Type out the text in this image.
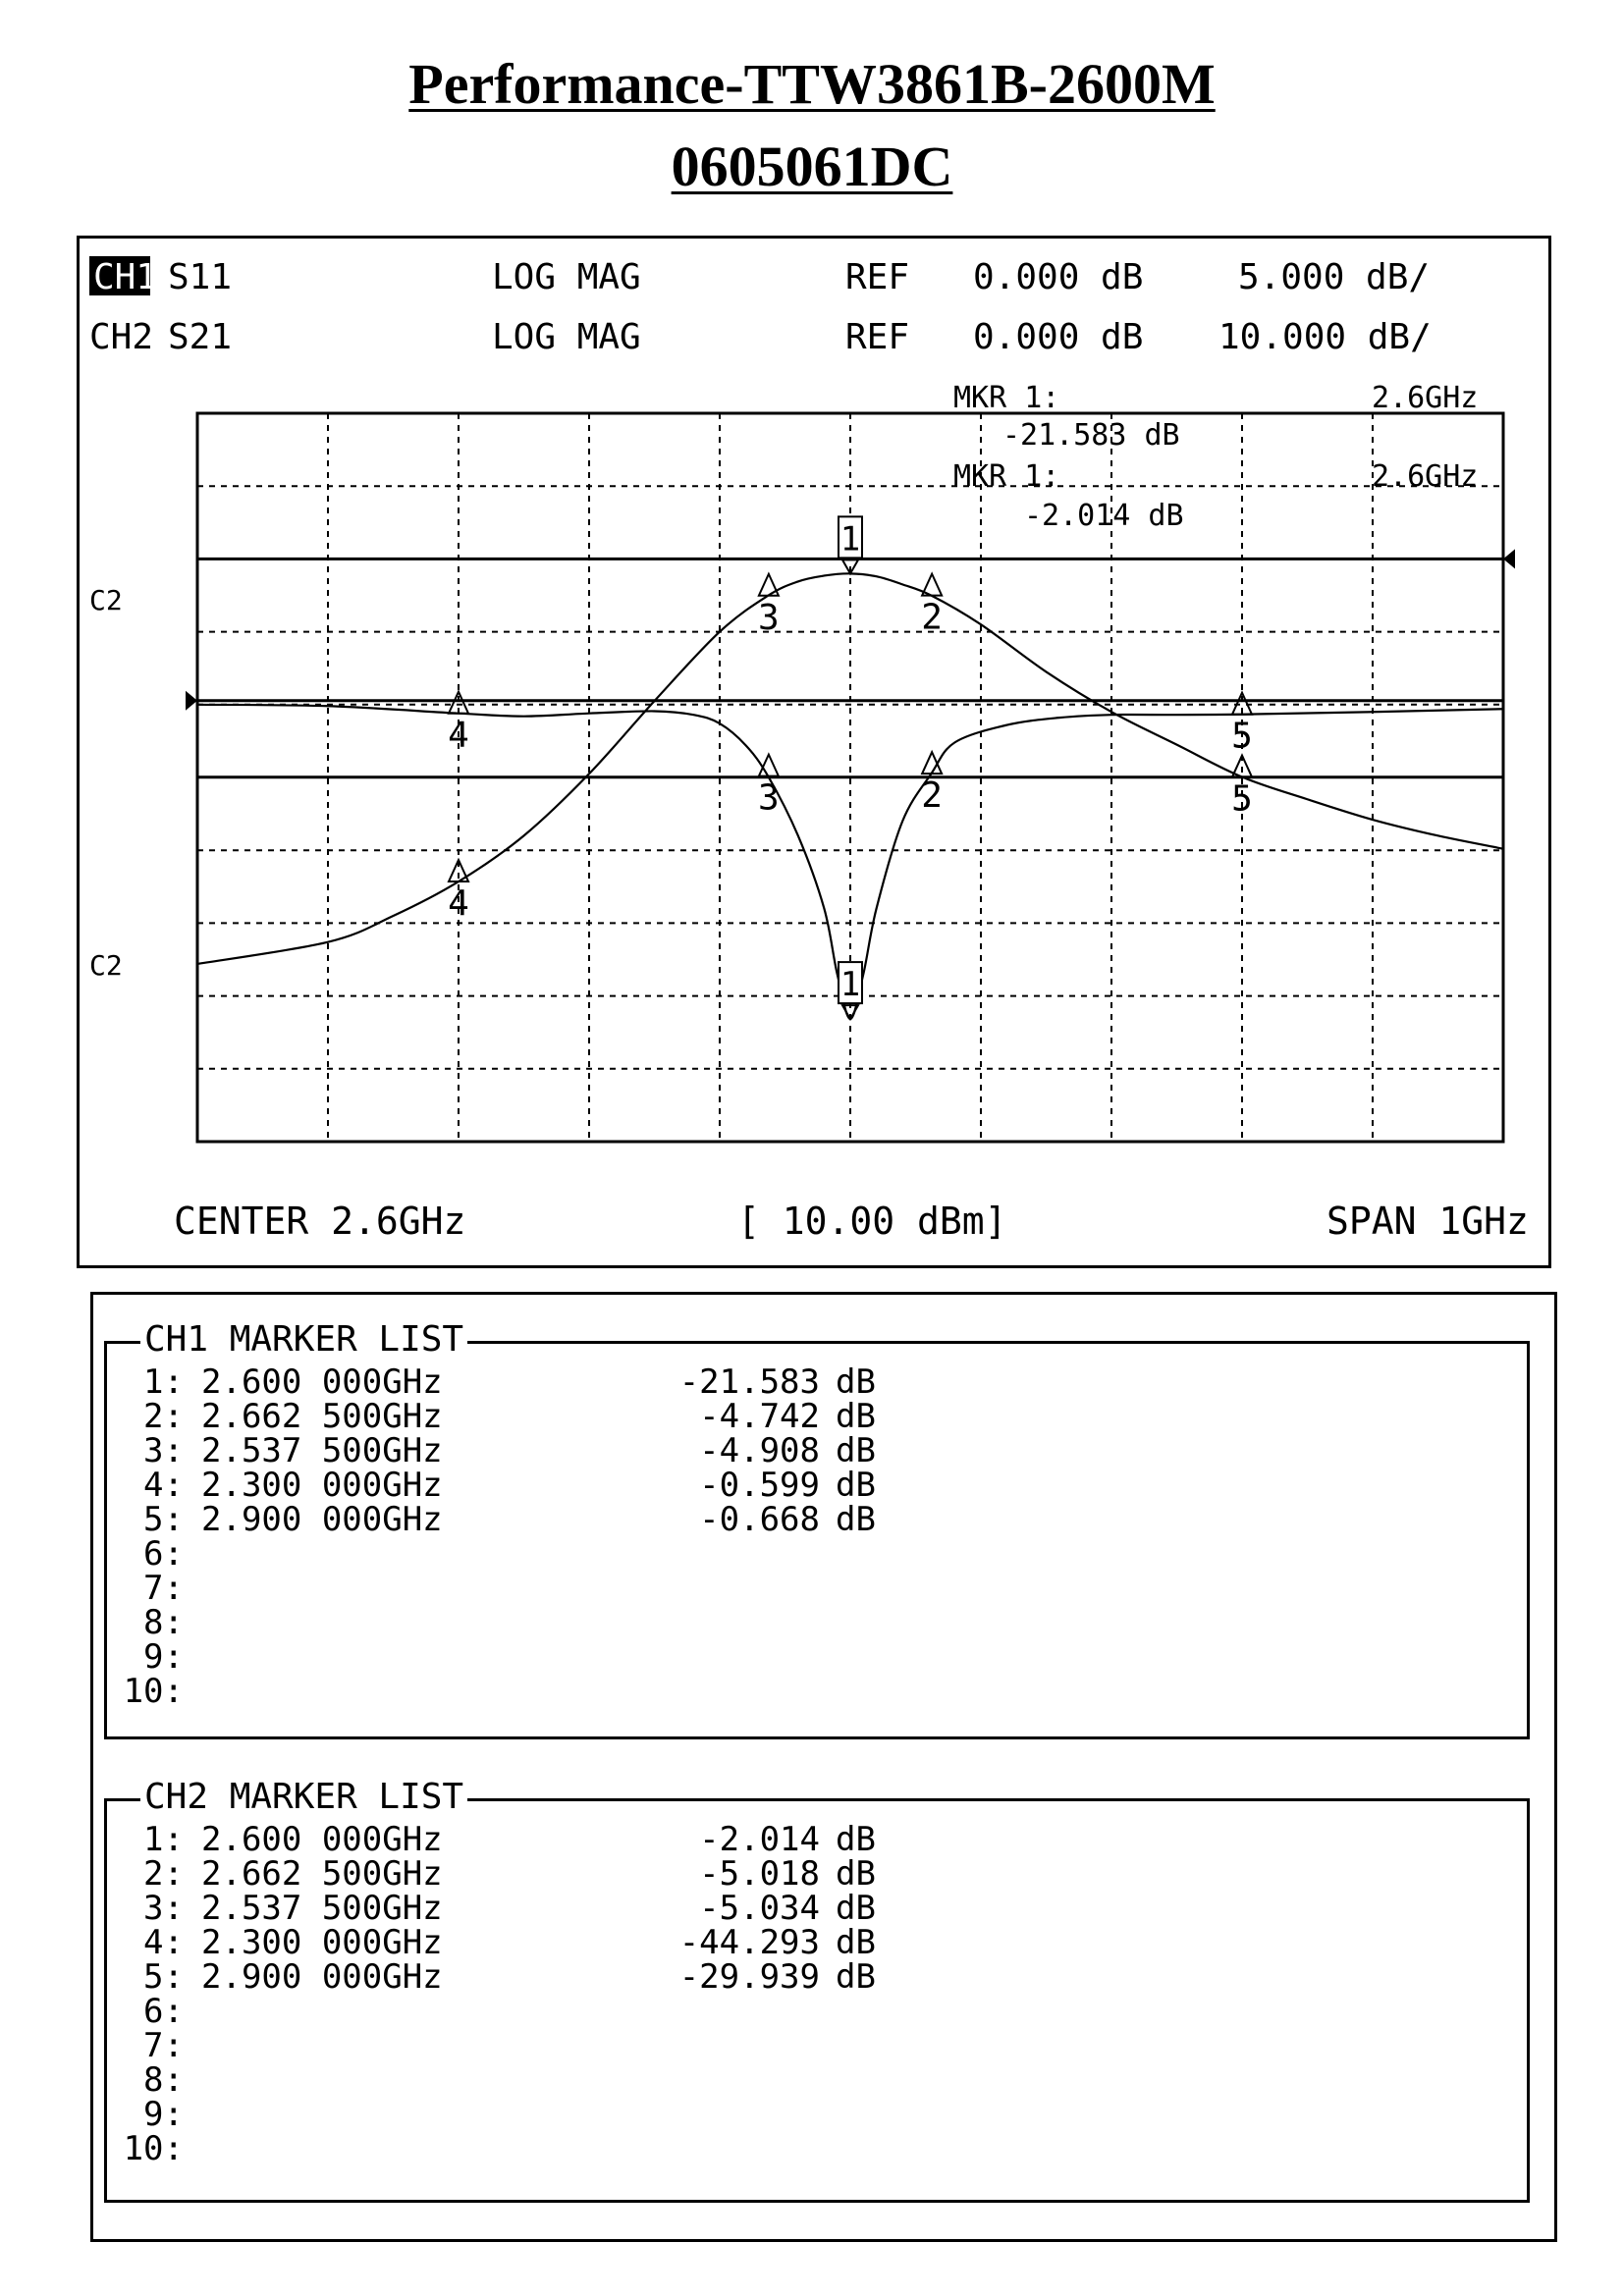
Performance-TTW3861B-2600M
0605061DC
CH1 S11	LOG MAG	REF 0.000 dB	5.000 dB/
CH2 S21	LOG MAG	REF 0.000 dB 10.000 dB/
MKR 1:	2.6GHz
-21.583 dB
MKR 1:	2.6GHz
-2.014 dB
C2
C2	1
2
3
4	5
1
2
3
4
5
CENTER 2.6GHz	[ 10.00 dBm]	SPAN 1GHz
CH1 MARKER LIST
1: 2.600 000GHz	-21.583 dB
2: 2.662 500GHz	-4.742 dB
3: 2.537 500GHz	-4.908 dB
4: 2.300 000GHz	-0.599 dB
5: 2.900 000GHz	-0.668 dB
6:
7:
8:
9:
10:
CH2 MARKER LIST
1: 2.600 000GHz	-2.014 dB
2: 2.662 500GHz	-5.018 dB
3: 2.537 500GHz	-5.034 dB
4: 2.300 000GHz	-44.293 dB
5: 2.900 000GHz	-29.939 dB
6:
7:
8:
9:
10:
